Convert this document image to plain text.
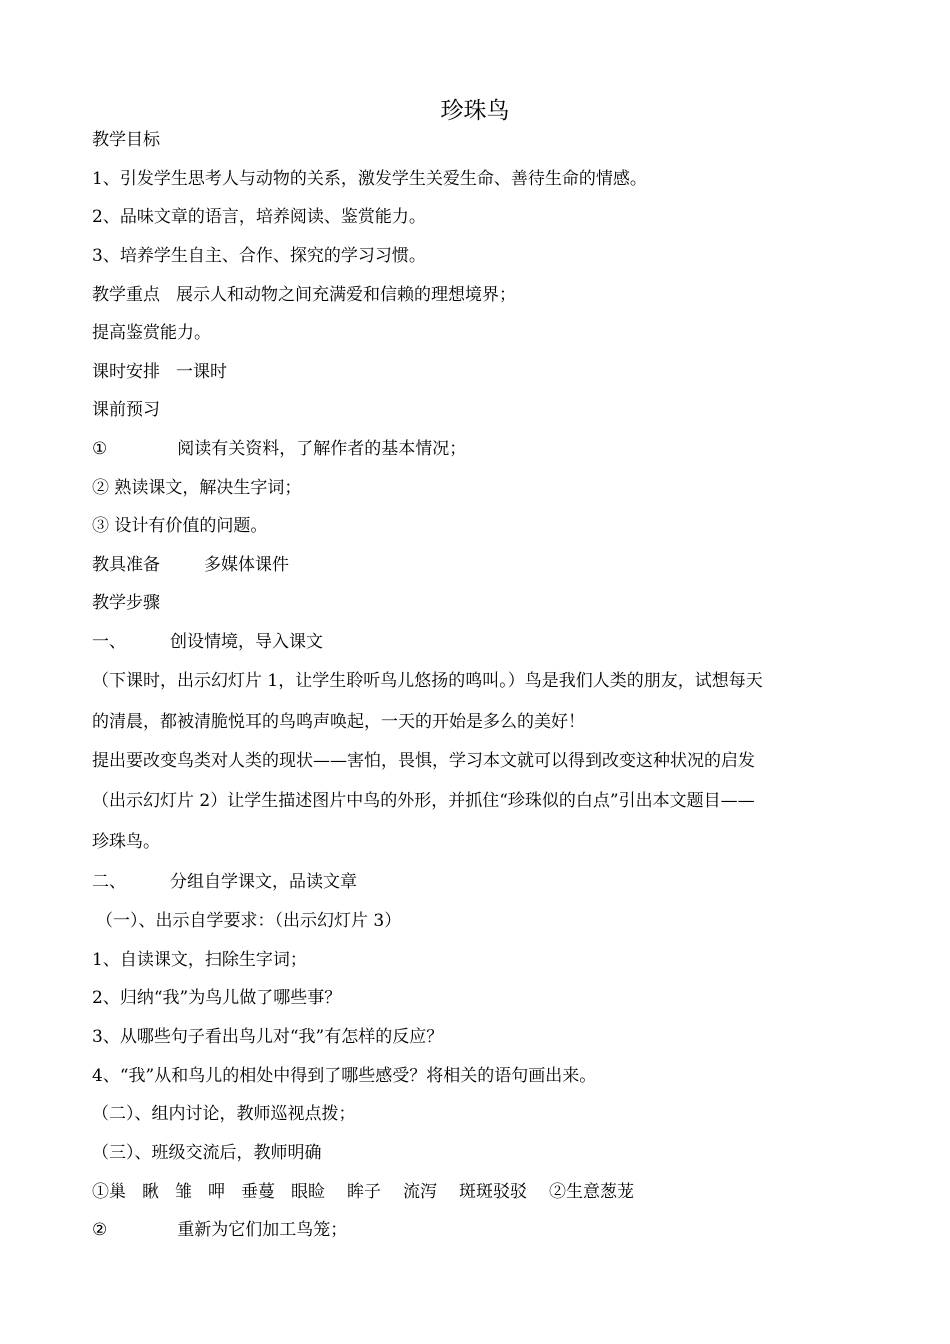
珍珠鸟
教学目标
1、引发学生思考人与动物的关系，激发学生关爱生命、善待生命的情感。
2、品味文章的语言，培养阅读、鉴赏能力。
3、培养学生自主、合作、探究的学习习惯。
教学重点 展示人和动物之间充满爱和信赖的理想境界；
提高鉴赏能力。
课时安排 一课时
课前预习
①	阅读有关资料，了解作者的基本情况；
② 熟读课文，解决生字词；
③ 设计有价值的问题。
教具准备	多媒体课件
教学步骤
一、	创设情境，导入课文
（下课时，出示幻灯片 1，让学生聆听鸟儿悠扬的鸣叫。）鸟是我们人类的朋友，试想每天
的清晨，都被清脆悦耳的鸟鸣声唤起，一天的开始是多么的美好！
提出要改变鸟类对人类的现状——害怕，畏惧，学习本文就可以得到改变这种状况的启发
（出示幻灯片 2）让学生描述图片中鸟的外形，并抓住“珍珠似的白点”引出本文题目——
珍珠鸟。
二、	分组自学课文，品读文章
（一）、出示自学要求：（出示幻灯片 3）
1、自读课文，扫除生字词；
2、归纳“我”为鸟儿做了哪些事？
3、从哪些句子看出鸟儿对“我”有怎样的反应？
4、“我”从和鸟儿的相处中得到了哪些感受？将相关的语句画出来。
（二）、组内讨论，教师巡视点拨；
（三）、班级交流后，教师明确
①巢 瞅 雏 呷 垂蔓 眼睑 眸子 流泻 斑斑驳驳 ②生意葱茏
②	重新为它们加工鸟笼；
